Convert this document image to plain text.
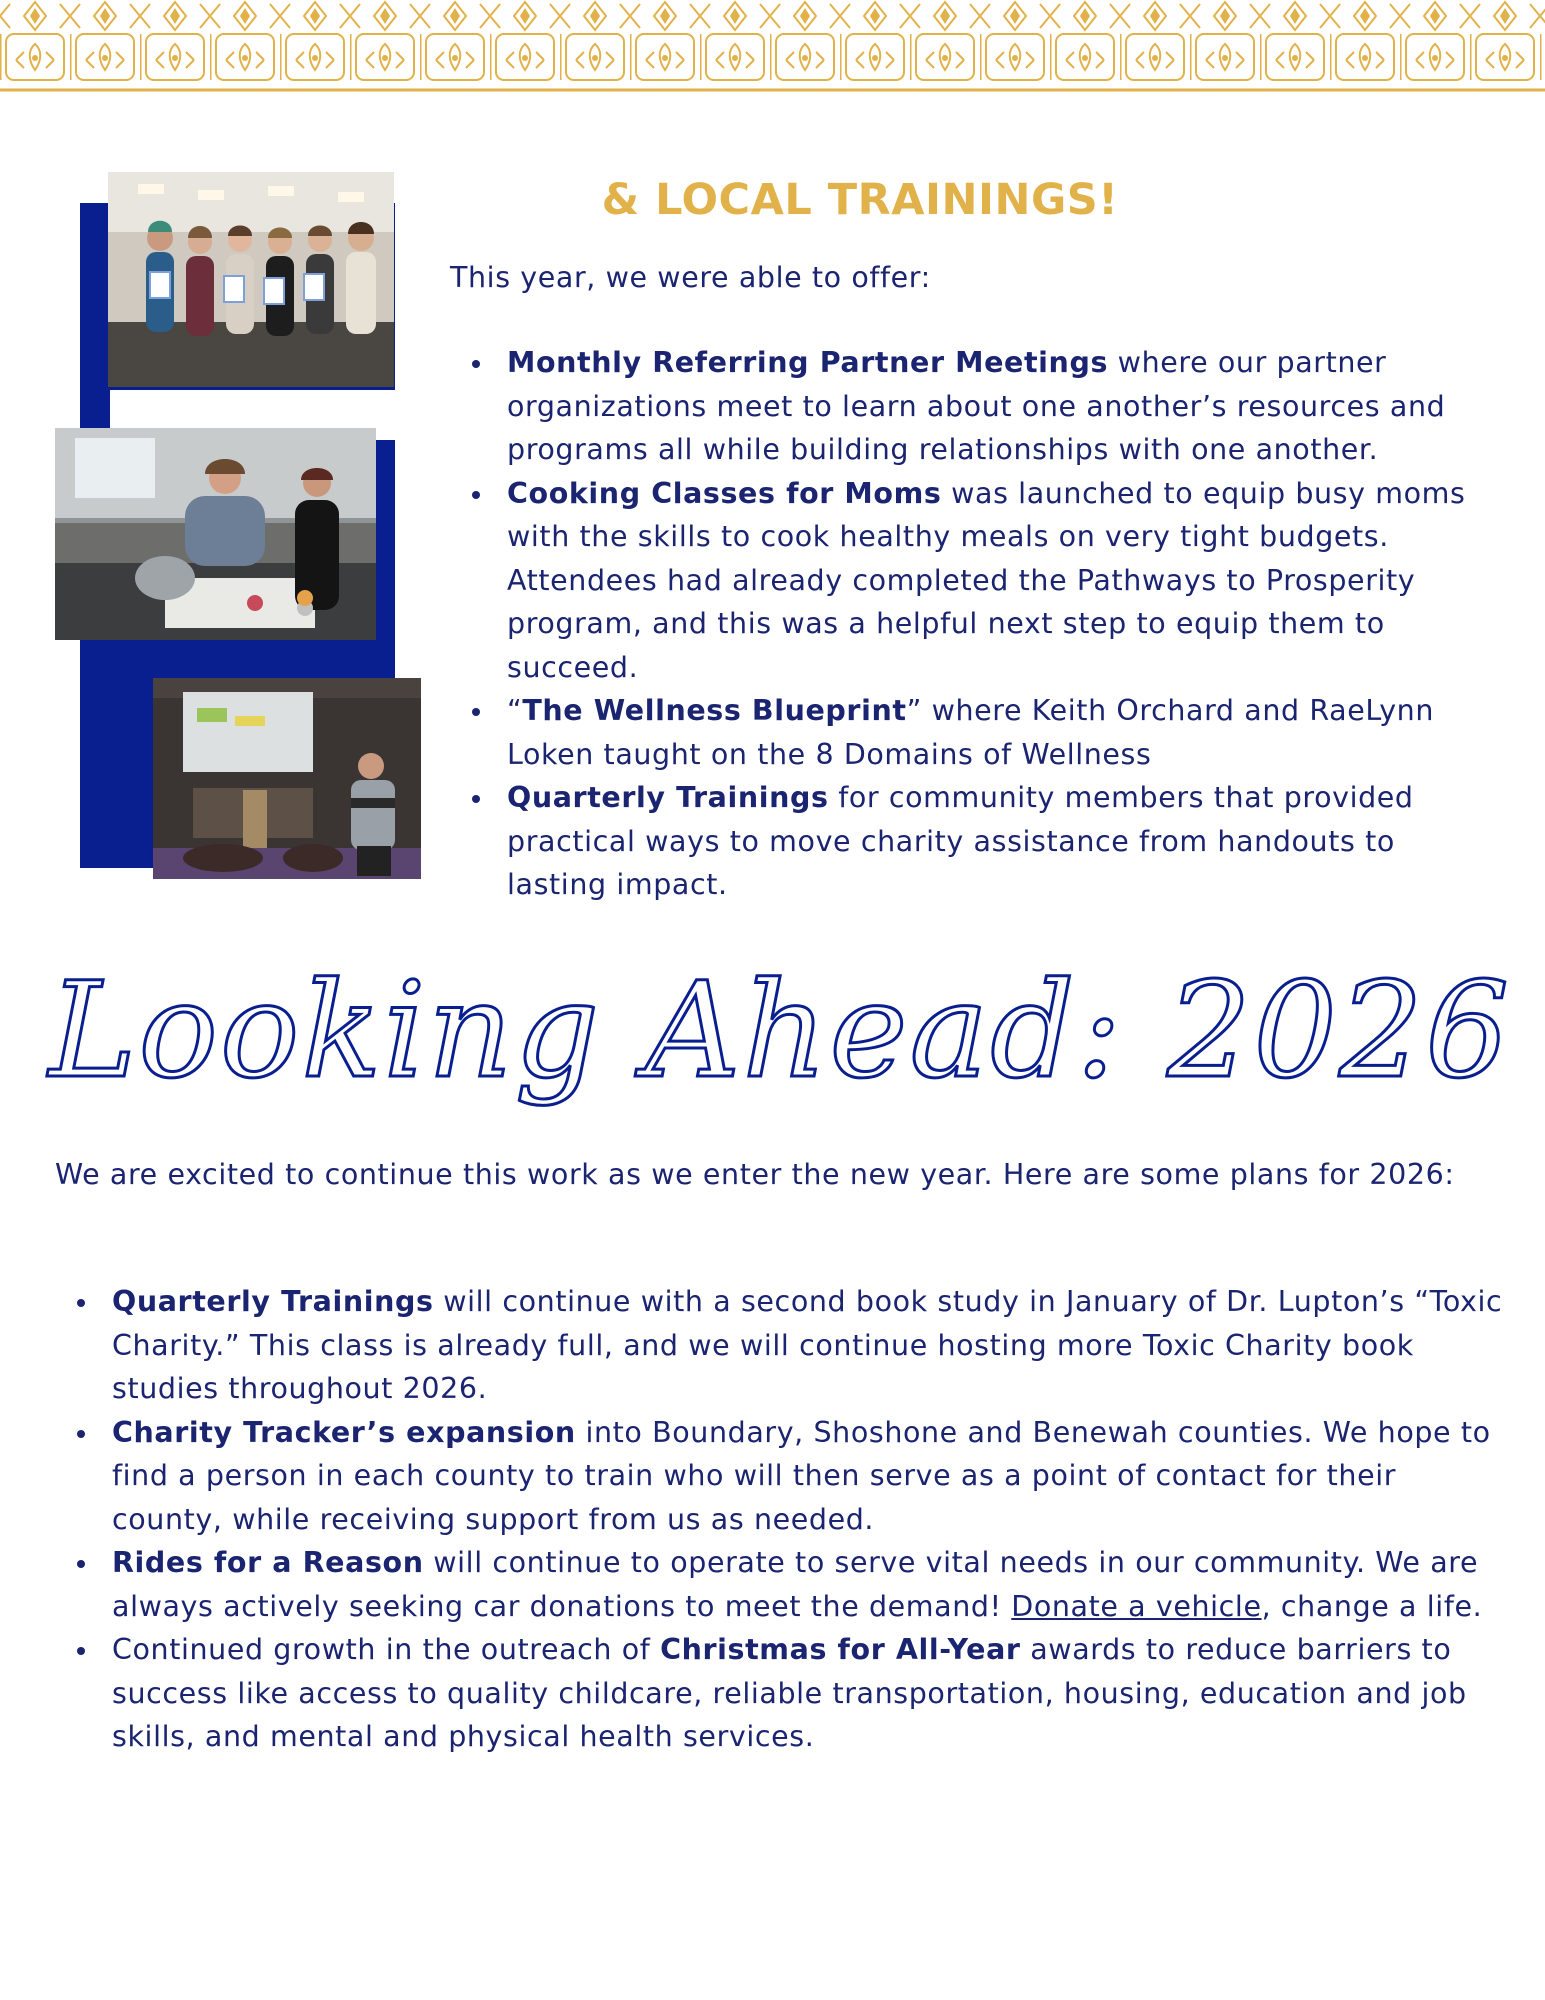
& LOCAL TRAININGS!
This year, we were able to offer:
Monthly Referring Partner Meetings where our partner organizations meet to learn about one another’s resources and programs all while building relationships with one another.
Cooking Classes for Moms was launched to equip busy moms with the skills to cook healthy meals on very tight budgets. Attendees had already completed the Pathways to Prosperity program, and this was a helpful next step to equip them to succeed.
“The Wellness Blueprint” where Keith Orchard and RaeLynn Loken taught on the 8 Domains of Wellness
Quarterly Trainings for community members that provided practical ways to move charity assistance from handouts to lasting impact.
Looking Ahead: 2026
We are excited to continue this work as we enter the new year. Here are some plans for 2026:
Quarterly Trainings will continue with a second book study in January of Dr. Lupton’s “Toxic Charity.” This class is already full, and we will continue hosting more Toxic Charity book studies throughout 2026.
Charity Tracker’s expansion into Boundary, Shoshone and Benewah counties. We hope to find a person in each county to train who will then serve as a point of contact for their county, while receiving support from us as needed.
Rides for a Reason will continue to operate to serve vital needs in our community. We are always actively seeking car donations to meet the demand! Donate a vehicle, change a life.
Continued growth in the outreach of Christmas for All-Year awards to reduce barriers to success like access to quality childcare, reliable transportation, housing, education and job skills, and mental and physical health services.
